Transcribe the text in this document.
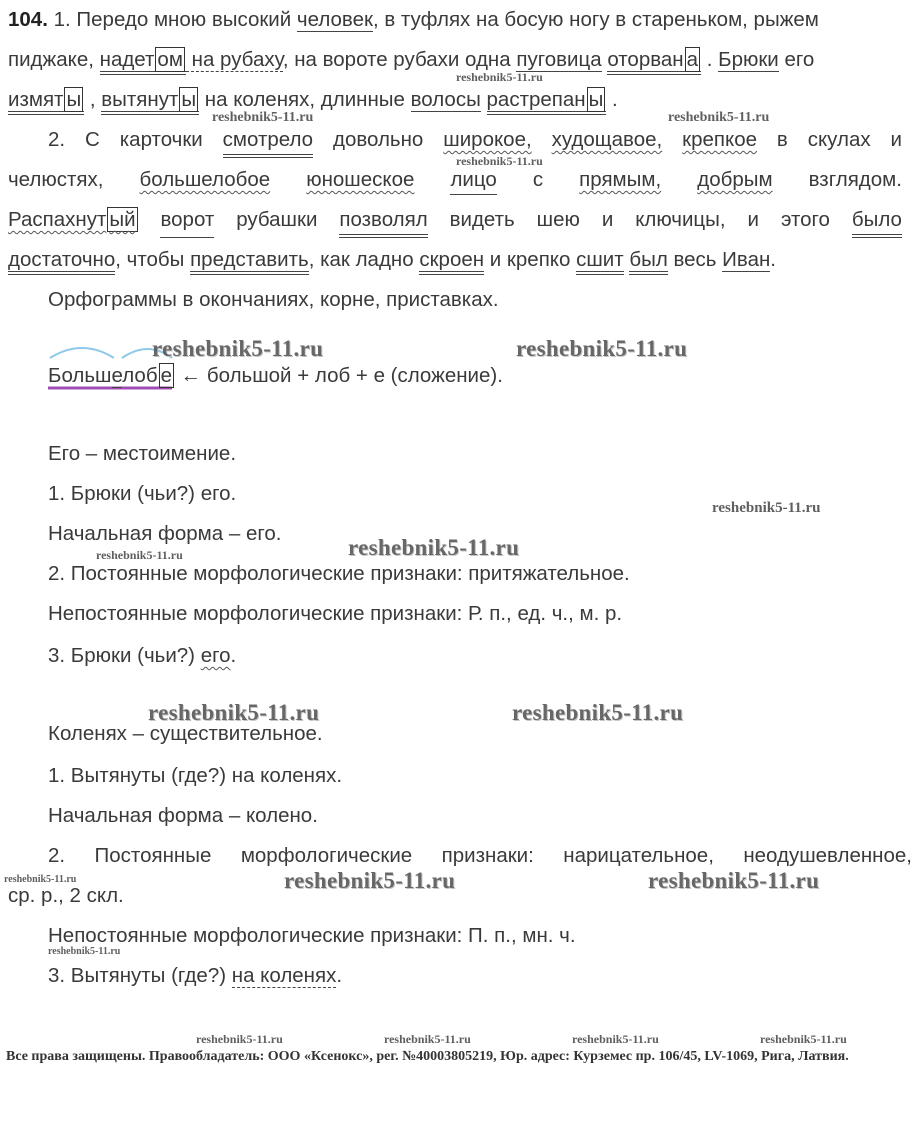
104. 1. Передо мною высокий человек, в туфлях на босую ногу в стареньком, рыжем
пиджаке, надет ом на рубаху, на вороте рубахи одна пуговица оторван а . Брюки его
измят ы , вытянут ы на коленях, длинные волосы растрепан ы .
2. С карточки смотрело довольно широкое, худощавое, крепкое в скулах и
челюстях, большелобое юношеское лицо с прямым, добрым взглядом.
Распахнут ый ворот рубашки позволял видеть шею и ключицы, и этого было
достаточно, чтобы представить, как ладно скроен и крепко сшит был весь Иван.
Орфограммы в окончаниях, корне, приставках.
Большелоб е ← большой + лоб + е (сложение).
Его – местоимение.
1. Брюки (чьи?) его.
Начальная форма – его.
2. Постоянные морфологические признаки: притяжательное.
Непостоянные морфологические признаки: Р. п., ед. ч., м. р.
3. Брюки (чьи?) его.
Коленях – существительное.
1. Вытянуты (где?) на коленях.
Начальная форма – колено.
2. Постоянные морфологические признаки: нарицательное, неодушевленное,
ср. р., 2 скл.
Непостоянные морфологические признаки: П. п., мн. ч.
3. Вытянуты (где?) на коленях.
reshebnik5-11.ru
reshebnik5-11.ru	reshebnik5-11.ru
reshebnik5-11.ru
reshebnik5-11.ru	reshebnik5-11.ru
reshebnik5-11.ru
reshebnik5-11.ru	reshebnik5-11.ru
reshebnik5-11.ru	reshebnik5-11.ru
reshebnik5-11.ru	reshebnik5-11.ru	reshebnik5-11.ru
reshebnik5-11.ru
reshebnik5-11.ru	reshebnik5-11.ru	reshebnik5-11.ru	reshebnik5-11.ru
Все права защищены. Правообладатель: ООО «Ксенокс», рег. №40003805219, Юр. адрес: Курземес пр. 106/45, LV-1069, Рига, Латвия.
